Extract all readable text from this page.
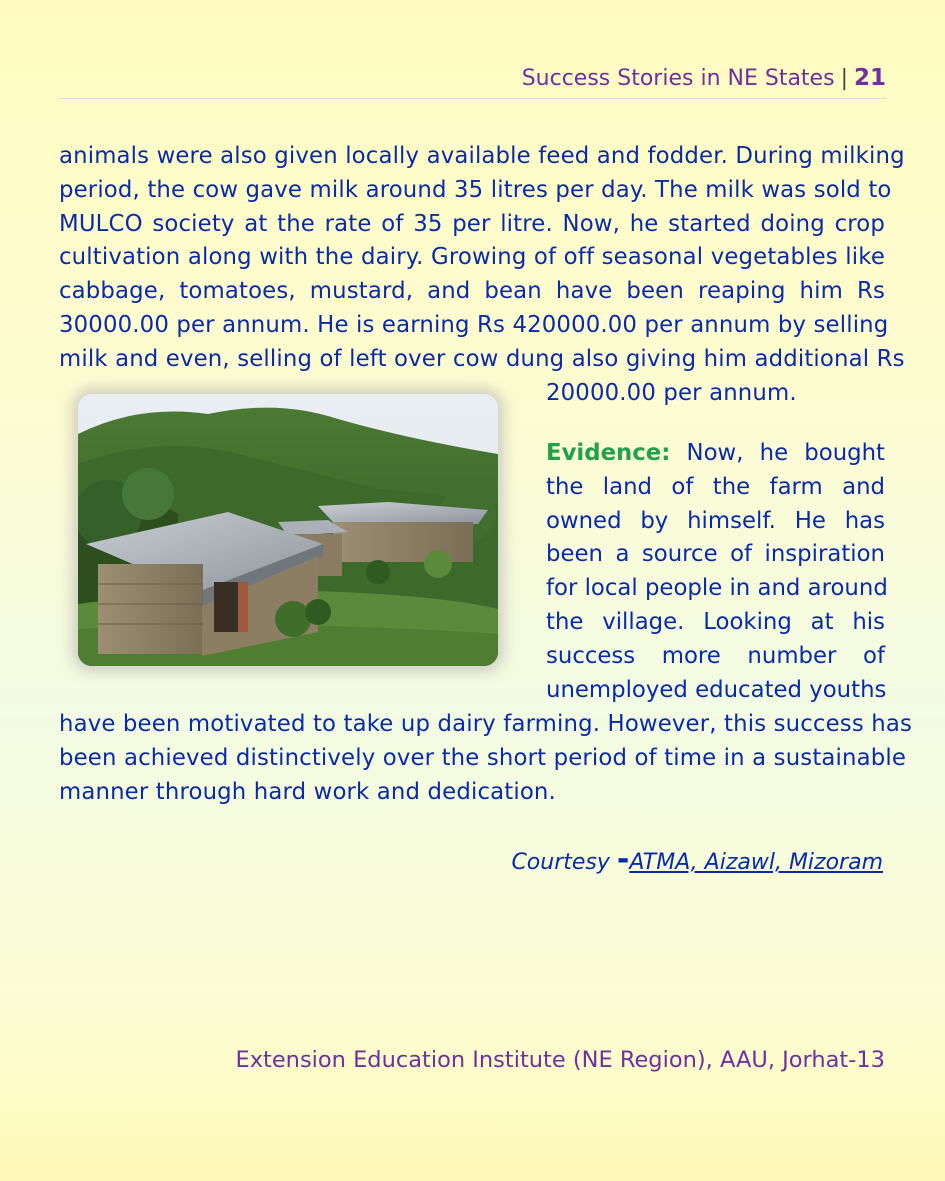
Success Stories in NE States | 21
animals were also given locally available feed and fodder. During milking
period, the cow gave milk around 35 litres per day. The milk was sold to
MULCO society at the rate of 35 per litre. Now, he started doing crop
cultivation along with the dairy. Growing of off seasonal vegetables like
cabbage, tomatoes, mustard, and bean have been reaping him Rs
30000.00 per annum. He is earning Rs 420000.00 per annum by selling
milk and even, selling of left over cow dung also giving him additional Rs
20000.00 per annum.
Evidence: Now, he bought
the land of the farm and
owned by himself. He has
been a source of inspiration
for local people in and around
the village. Looking at his
success more number of
unemployed educated youths
have been motivated to take up dairy farming. However, this success has
been achieved distinctively over the short period of time in a sustainable
manner through hard work and dedication.
Courtesy -ATMA, Aizawl, Mizoram
Extension Education Institute (NE Region), AAU, Jorhat-13
